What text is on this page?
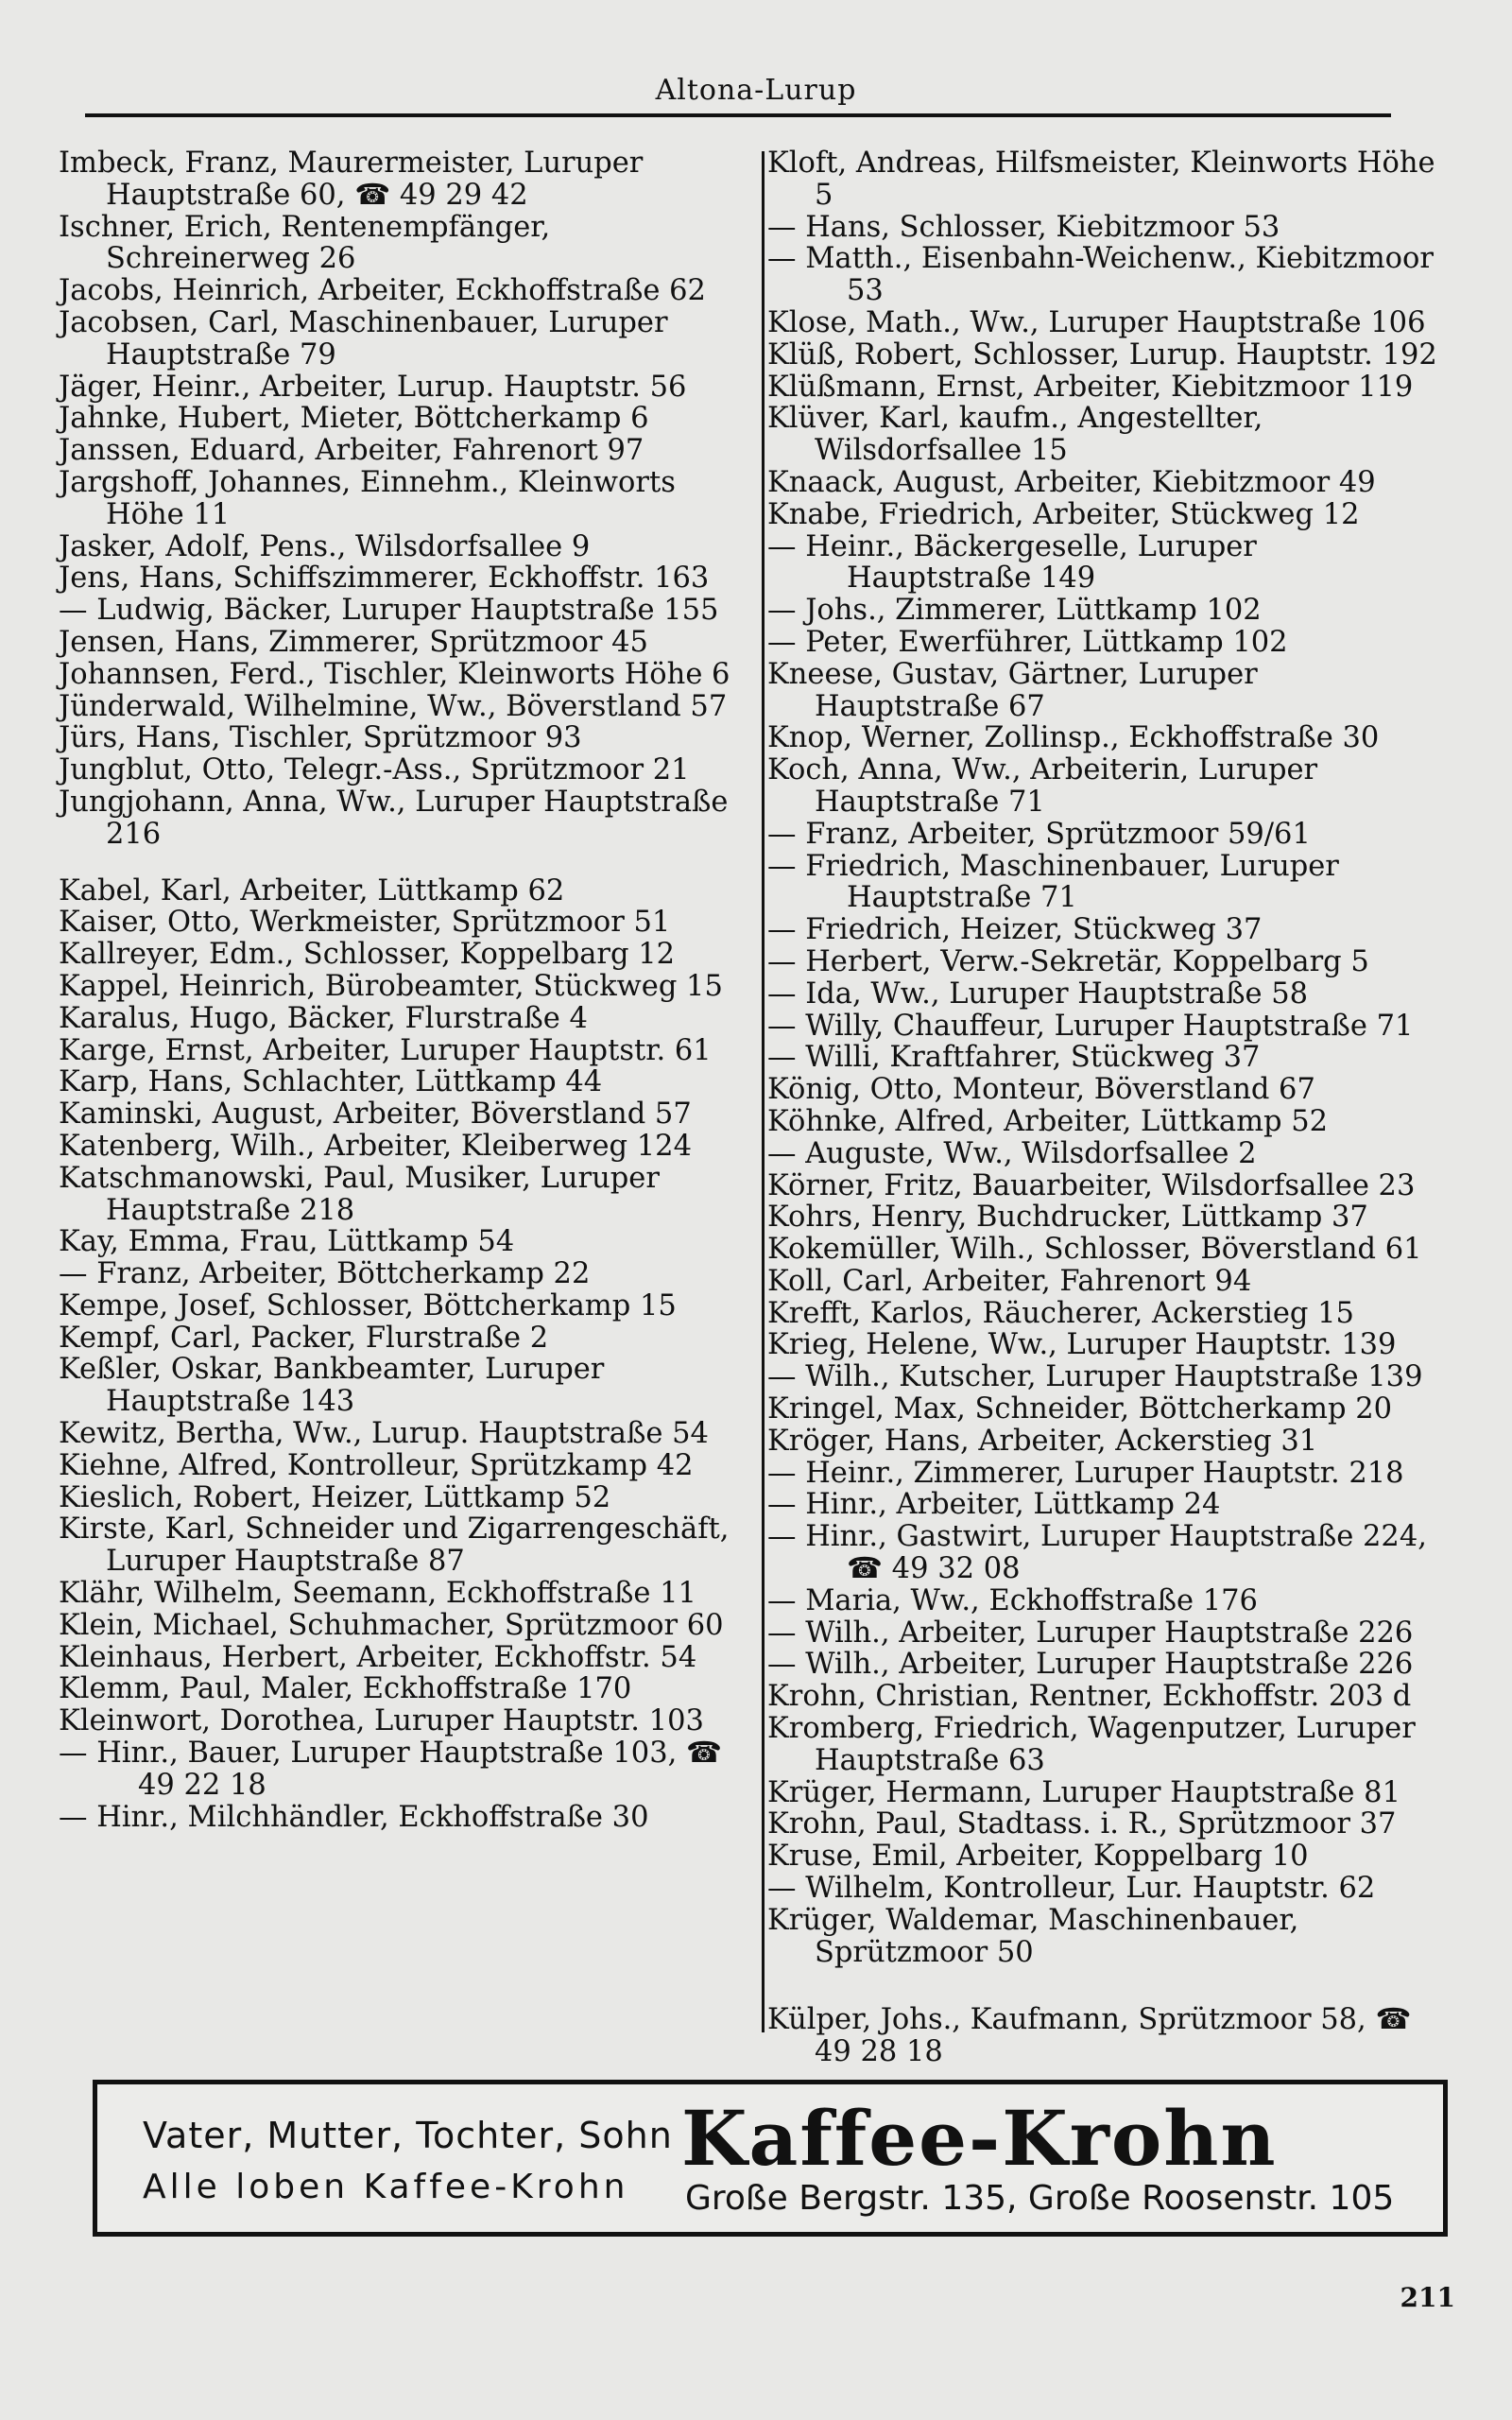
Altona-Lurup

Imbeck, Franz, Maurermeister, Luruper Hauptstraße 60, ☎ 49 29 42

Ischner, Erich, Rentenempfänger, Schreinerweg 26

Jacobs, Heinrich, Arbeiter, Eckhoffstraße 62

Jacobsen, Carl, Maschinenbauer, Luruper Hauptstraße 79

Jäger, Heinr., Arbeiter, Lurup. Hauptstr. 56

Jahnke, Hubert, Mieter, Böttcherkamp 6

Janssen, Eduard, Arbeiter, Fahrenort 97

Jargshoff, Johannes, Einnehm., Kleinworts Höhe 11

Jasker, Adolf, Pens., Wilsdorfsallee 9

Jens, Hans, Schiffszimmerer, Eckhoffstr. 163

— Ludwig, Bäcker, Luruper Hauptstraße 155

Jensen, Hans, Zimmerer, Sprützmoor 45

Johannsen, Ferd., Tischler, Kleinworts Höhe 6

Jünderwald, Wilhelmine, Ww., Böverstland 57

Jürs, Hans, Tischler, Sprützmoor 93

Jungblut, Otto, Telegr.-Ass., Sprützmoor 21

Jungjohann, Anna, Ww., Luruper Hauptstraße 216

Kabel, Karl, Arbeiter, Lüttkamp 62

Kaiser, Otto, Werkmeister, Sprützmoor 51

Kallreyer, Edm., Schlosser, Koppelbarg 12

Kappel, Heinrich, Bürobeamter, Stückweg 15

Karalus, Hugo, Bäcker, Flurstraße 4

Karge, Ernst, Arbeiter, Luruper Hauptstr. 61

Karp, Hans, Schlachter, Lüttkamp 44

Kaminski, August, Arbeiter, Böverstland 57

Katenberg, Wilh., Arbeiter, Kleiberweg 124

Katschmanowski, Paul, Musiker, Luruper Hauptstraße 218

Kay, Emma, Frau, Lüttkamp 54

— Franz, Arbeiter, Böttcherkamp 22

Kempe, Josef, Schlosser, Böttcherkamp 15

Kempf, Carl, Packer, Flurstraße 2

Keßler, Oskar, Bankbeamter, Luruper Hauptstraße 143

Kewitz, Bertha, Ww., Lurup. Hauptstraße 54

Kiehne, Alfred, Kontrolleur, Sprützkamp 42

Kieslich, Robert, Heizer, Lüttkamp 52

Kirste, Karl, Schneider und Zigarrengeschäft, Luruper Hauptstraße 87

Klähr, Wilhelm, Seemann, Eckhoffstraße 11

Klein, Michael, Schuhmacher, Sprützmoor 60

Kleinhaus, Herbert, Arbeiter, Eckhoffstr. 54

Klemm, Paul, Maler, Eckhoffstraße 170

Kleinwort, Dorothea, Luruper Hauptstr. 103

— Hinr., Bauer, Luruper Hauptstraße 103, ☎ 49 22 18

— Hinr., Milchhändler, Eckhoffstraße 30

Kloft, Andreas, Hilfsmeister, Kleinworts Höhe 5

— Hans, Schlosser, Kiebitzmoor 53

— Matth., Eisenbahn-Weichenw., Kiebitzmoor 53

Klose, Math., Ww., Luruper Hauptstraße 106

Klüß, Robert, Schlosser, Lurup. Hauptstr. 192

Klüßmann, Ernst, Arbeiter, Kiebitzmoor 119

Klüver, Karl, kaufm., Angestellter, Wilsdorfsallee 15

Knaack, August, Arbeiter, Kiebitzmoor 49

Knabe, Friedrich, Arbeiter, Stückweg 12

— Heinr., Bäckergeselle, Luruper Hauptstraße 149

— Johs., Zimmerer, Lüttkamp 102

— Peter, Ewerführer, Lüttkamp 102

Kneese, Gustav, Gärtner, Luruper Hauptstraße 67

Knop, Werner, Zollinsp., Eckhoffstraße 30

Koch, Anna, Ww., Arbeiterin, Luruper Hauptstraße 71

— Franz, Arbeiter, Sprützmoor 59/61

— Friedrich, Maschinenbauer, Luruper Hauptstraße 71

— Friedrich, Heizer, Stückweg 37

— Herbert, Verw.-Sekretär, Koppelbarg 5

— Ida, Ww., Luruper Hauptstraße 58

— Willy, Chauffeur, Luruper Hauptstraße 71

— Willi, Kraftfahrer, Stückweg 37

König, Otto, Monteur, Böverstland 67

Köhnke, Alfred, Arbeiter, Lüttkamp 52

— Auguste, Ww., Wilsdorfsallee 2

Körner, Fritz, Bauarbeiter, Wilsdorfsallee 23

Kohrs, Henry, Buchdrucker, Lüttkamp 37

Kokemüller, Wilh., Schlosser, Böverstland 61

Koll, Carl, Arbeiter, Fahrenort 94

Krefft, Karlos, Räucherer, Ackerstieg 15

Krieg, Helene, Ww., Luruper Hauptstr. 139

— Wilh., Kutscher, Luruper Hauptstraße 139

Kringel, Max, Schneider, Böttcherkamp 20

Kröger, Hans, Arbeiter, Ackerstieg 31

— Heinr., Zimmerer, Luruper Hauptstr. 218

— Hinr., Arbeiter, Lüttkamp 24

— Hinr., Gastwirt, Luruper Hauptstraße 224, ☎ 49 32 08

— Maria, Ww., Eckhoffstraße 176

— Wilh., Arbeiter, Luruper Hauptstraße 226

— Wilh., Arbeiter, Luruper Hauptstraße 226

Krohn, Christian, Rentner, Eckhoffstr. 203 d

Kromberg, Friedrich, Wagenputzer, Luruper Hauptstraße 63

Krüger, Hermann, Luruper Hauptstraße 81

Krohn, Paul, Stadtass. i. R., Sprützmoor 37

Kruse, Emil, Arbeiter, Koppelbarg 10

— Wilhelm, Kontrolleur, Lur. Hauptstr. 62

Krüger, Waldemar, Maschinenbauer, Sprützmoor 50

Külper, Johs., Kaufmann, Sprützmoor 58, ☎ 49 28 18

Vater, Mutter, Tochter, Sohn
Alle loben Kaffee-Krohn
Kaffee-Krohn
Große Bergstr. 135, Große Roosenstr. 105
211
